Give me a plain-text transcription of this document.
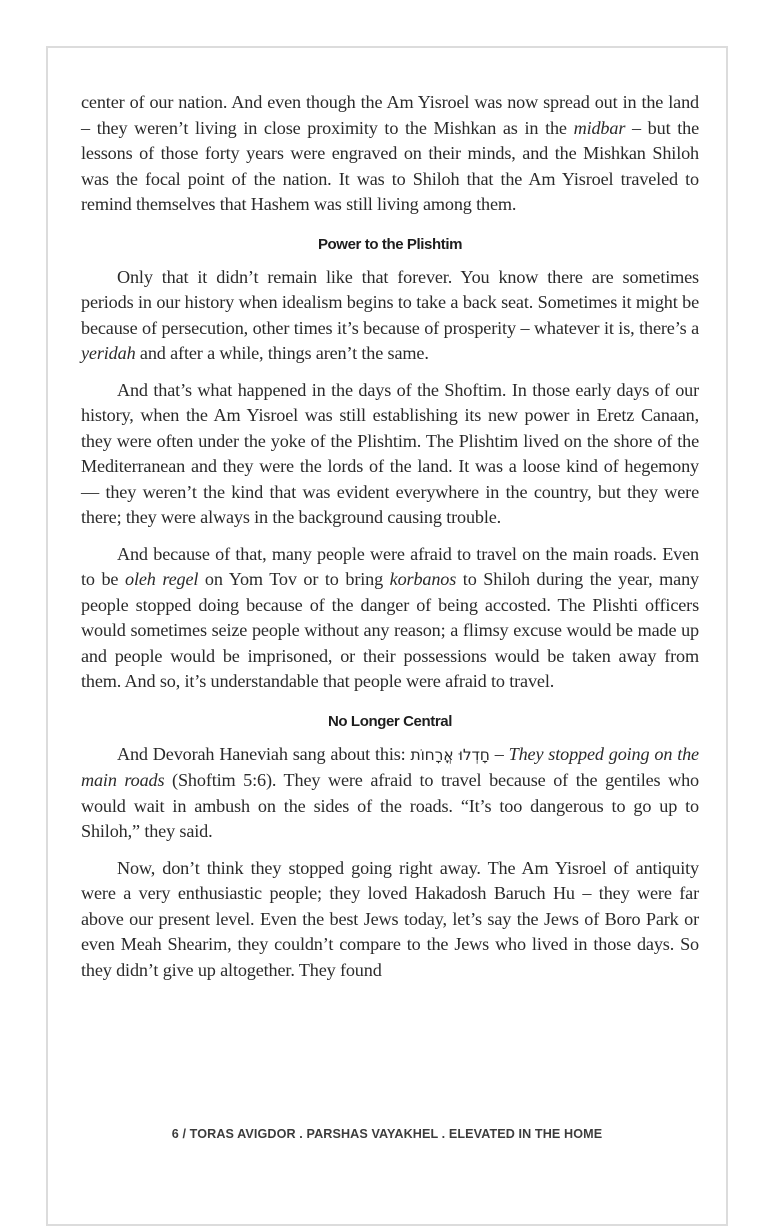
center of our nation. And even though the Am Yisroel was now spread out in the land – they weren’t living in close proximity to the Mishkan as in the midbar – but the lessons of those forty years were engraved on their minds, and the Mishkan Shiloh was the focal point of the nation. It was to Shiloh that the Am Yisroel traveled to remind themselves that Hashem was still living among them.

Power to the Plishtim

Only that it didn’t remain like that forever. You know there are sometimes periods in our history when idealism begins to take a back seat. Sometimes it might be because of persecution, other times it’s because of prosperity – whatever it is, there’s a yeridah and after a while, things aren’t the same.

And that’s what happened in the days of the Shoftim. In those early days of our history, when the Am Yisroel was still establishing its new power in Eretz Canaan, they were often under the yoke of the Plishtim. The Plishtim lived on the shore of the Mediterranean and they were the lords of the land. It was a loose kind of hegemony — they weren’t the kind that was evident everywhere in the country, but they were there; they were always in the background causing trouble.

And because of that, many people were afraid to travel on the main roads. Even to be oleh regel on Yom Tov or to bring korbanos to Shiloh during the year, many people stopped doing because of the danger of being accosted. The Plishti officers would sometimes seize people without any reason; a flimsy excuse would be made up and people would be imprisoned, or their possessions would be taken away from them. And so, it’s understandable that people were afraid to travel.

No Longer Central

And Devorah Haneviah sang about this: חָדְלוּ אֳרָחוֹת – They stopped going on the main roads (Shoftim 5:6). They were afraid to travel because of the gentiles who would wait in ambush on the sides of the roads. “It’s too dangerous to go up to Shiloh,” they said.

Now, don’t think they stopped going right away. The Am Yisroel of antiquity were a very enthusiastic people; they loved Hakadosh Baruch Hu – they were far above our present level. Even the best Jews today, let’s say the Jews of Boro Park or even Meah Shearim, they couldn’t compare to the Jews who lived in those days. So they didn’t give up altogether. They found

6 / TORAS AVIGDOR . PARSHAS VAYAKHEL . ELEVATED IN THE HOME
